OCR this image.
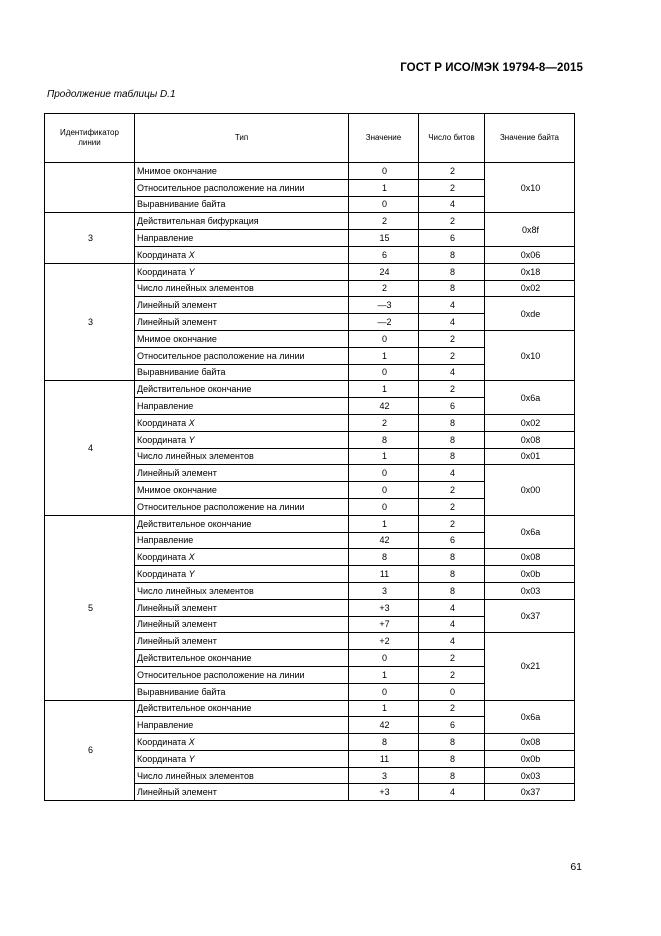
ГОСТ Р ИСО/МЭК 19794-8—2015
Продолжение таблицы D.1
Идентификатор линии	Тип	Значение	Число битов	Значение байта
	Мнимое окончание	0	2	0x10
	Относительное расположение на линии	1	2	
	Выравнивание байта	0	4	
3	Действительная бифуркация	2	2	0x8f
	Направление	15	6	
	Координата X	6	8	0x06
3	Координата Y	24	8	0x18
	Число линейных элементов	2	8	0x02
	Линейный элемент	—3	4	0xde
	Линейный элемент	—2	4	
	Мнимое окончание	0	2	0x10
	Относительное расположение на линии	1	2	
	Выравнивание байта	0	4	
4	Действительное окончание	1	2	0x6a
	Направление	42	6	
	Координата X	2	8	0x02
	Координата Y	8	8	0x08
	Число линейных элементов	1	8	0x01
	Линейный элемент	0	4	0x00
	Мнимое окончание	0	2	
	Относительное расположение на линии	0	2	
5	Действительное окончание	1	2	0x6a
	Направление	42	6	
	Координата X	8	8	0x08
	Координата Y	11	8	0x0b
	Число линейных элементов	3	8	0x03
	Линейный элемент	+3	4	0x37
	Линейный элемент	+7	4	
	Линейный элемент	+2	4	0x21
	Действительное окончание	0	2	
	Относительное расположение на линии	1	2	
	Выравнивание байта	0	0	
6	Действительное окончание	1	2	0x6a
	Направление	42	6	
	Координата X	8	8	0x08
	Координата Y	11	8	0x0b
	Число линейных элементов	3	8	0x03
	Линейный элемент	+3	4	0x37
61
